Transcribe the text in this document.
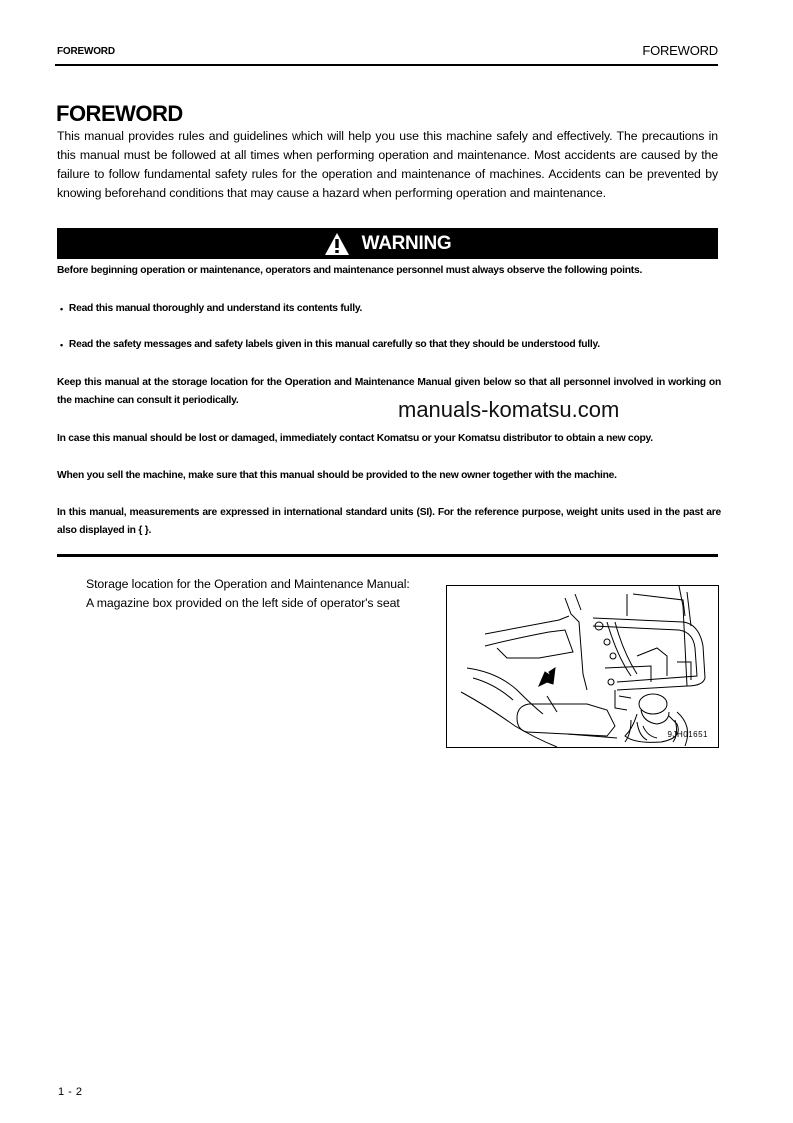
FOREWORD	FOREWORD
FOREWORD
This manual provides rules and guidelines which will help you use this machine safely and effectively. The precautions in this manual must be followed at all times when performing operation and maintenance. Most accidents are caused by the failure to follow fundamental safety rules for the operation and maintenance of machines. Accidents can be prevented by knowing beforehand conditions that may cause a hazard when performing operation and maintenance.
WARNING
Before beginning operation or maintenance, operators and maintenance personnel must always observe the following points.
• Read this manual thoroughly and understand its contents fully.
• Read the safety messages and safety labels given in this manual carefully so that they should be understood fully.
Keep this manual at the storage location for the Operation and Maintenance Manual given below so that all personnel involved in working on the machine can consult it periodically.	manuals-komatsu.com
In case this manual should be lost or damaged, immediately contact Komatsu or your Komatsu distributor to obtain a new copy.
When you sell the machine, make sure that this manual should be provided to the new owner together with the machine.
In this manual, measurements are expressed in international standard units (SI). For the reference purpose, weight units used in the past are also displayed in { }.
Storage location for the Operation and Maintenance Manual:
A magazine box provided on the left side of operator's seat
9JH01651
1 - 2
